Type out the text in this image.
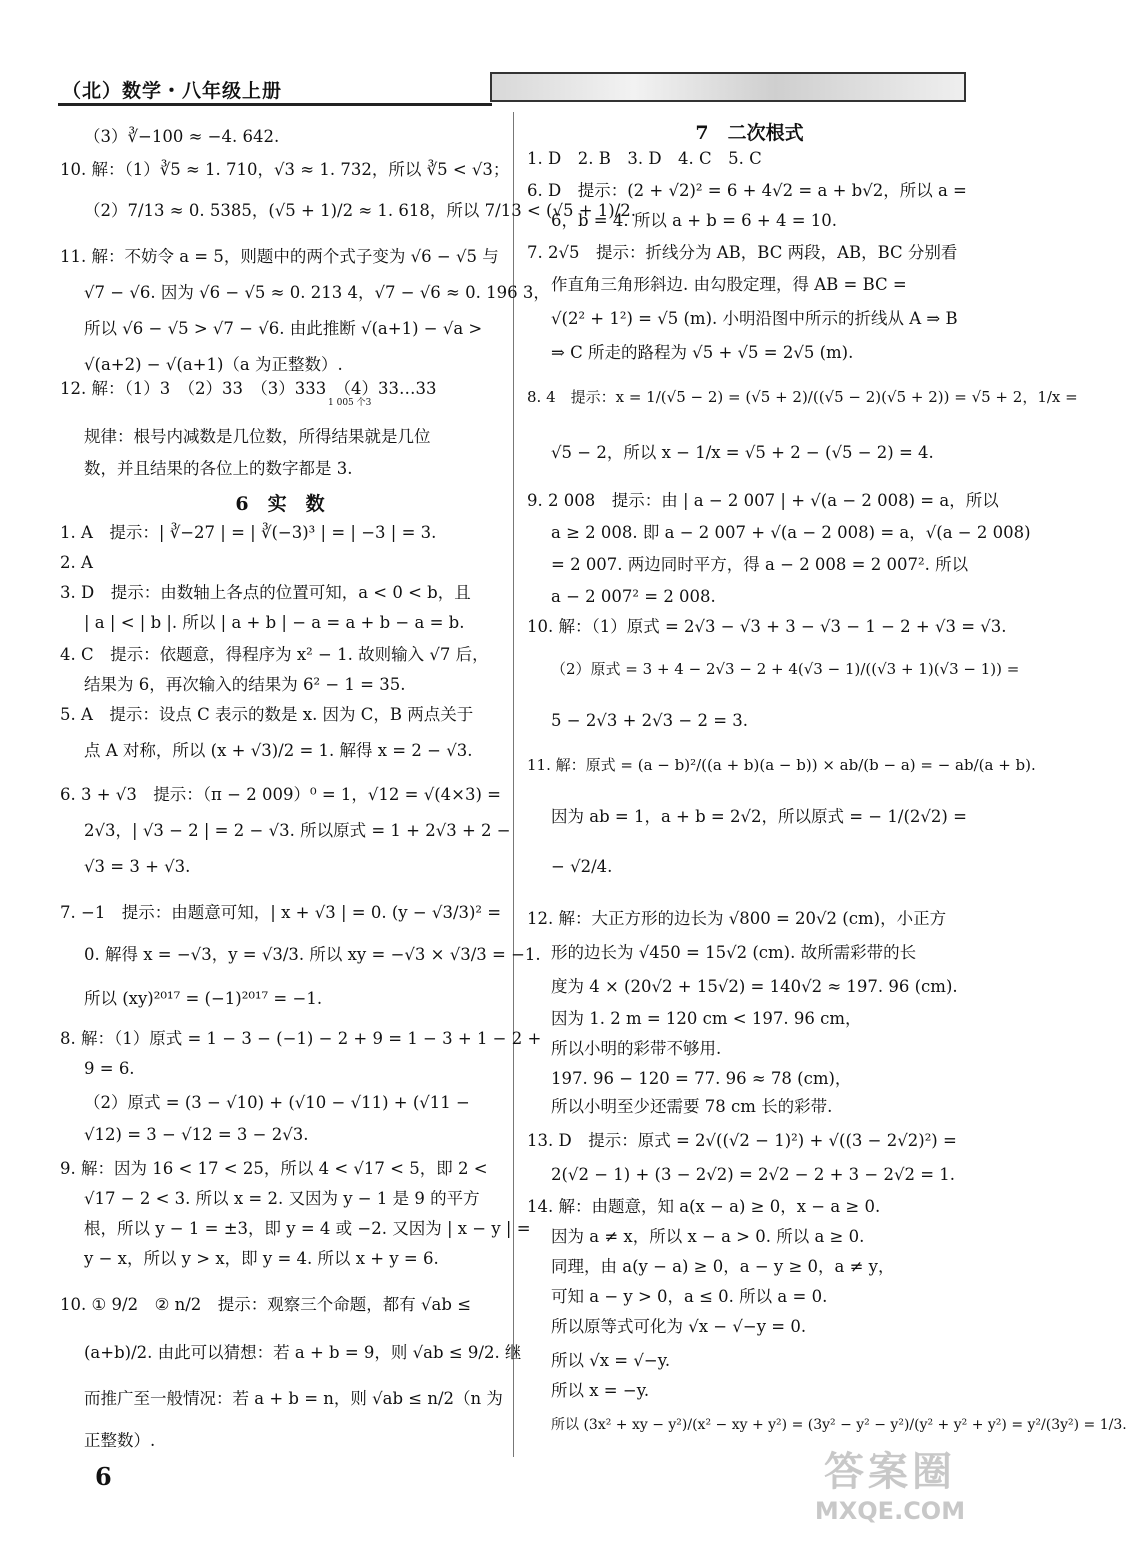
（北）数学・八年级上册
（3）∛−100 ≈ −4. 642.
10. 解：（1）∛5 ≈ 1. 710，√3 ≈ 1. 732，所以 ∛5 < √3；
（2）7/13 ≈ 0. 5385，(√5 + 1)/2 ≈ 1. 618，所以 7/13 < (√5 + 1)/2.
11. 解：不妨令 a = 5，则题中的两个式子变为 √6 − √5 与
√7 − √6. 因为 √6 − √5 ≈ 0. 213 4，√7 − √6 ≈ 0. 196 3，
所以 √6 − √5 > √7 − √6. 由此推断 √(a+1) − √a >
√(a+2) − √(a+1)（a 为正整数）.
12. 解：（1）3　（2）33　（3）333　（4）33…33
1 005 个3
规律：根号内减数是几位数，所得结果就是几位
数，并且结果的各位上的数字都是 3.
6　实　数
1. A　提示：| ∛−27 | = | ∛(−3)³ | = | −3 | = 3.
2. A
3. D　提示：由数轴上各点的位置可知，a < 0 < b，且
| a | < | b |. 所以 | a + b | − a = a + b − a = b.
4. C　提示：依题意，得程序为 x² − 1. 故则输入 √7 后，
结果为 6，再次输入的结果为 6² − 1 = 35.
5. A　提示：设点 C 表示的数是 x. 因为 C，B 两点关于
点 A 对称，所以 (x + √3)/2 = 1. 解得 x = 2 − √3.
6. 3 + √3　提示：（π − 2 009）⁰ = 1，√12 = √(4×3) =
2√3，| √3 − 2 | = 2 − √3. 所以原式 = 1 + 2√3 + 2 −
√3 = 3 + √3.
7. −1　提示：由题意可知，| x + √3 | = 0. (y − √3/3)² =
0. 解得 x = −√3，y = √3/3. 所以 xy = −√3 × √3/3 = −1.
所以 (xy)²⁰¹⁷ = (−1)²⁰¹⁷ = −1.
8. 解：（1）原式 = 1 − 3 − (−1) − 2 + 9 = 1 − 3 + 1 − 2 +
9 = 6.
（2）原式 = (3 − √10) + (√10 − √11) + (√11 −
√12) = 3 − √12 = 3 − 2√3.
9. 解：因为 16 < 17 < 25，所以 4 < √17 < 5，即 2 <
√17 − 2 < 3. 所以 x = 2. 又因为 y − 1 是 9 的平方
根，所以 y − 1 = ±3，即 y = 4 或 −2. 又因为 | x − y | =
y − x，所以 y > x，即 y = 4. 所以 x + y = 6.
10. ① 9/2　② n/2　提示：观察三个命题，都有 √ab ≤
(a+b)/2. 由此可以猜想：若 a + b = 9，则 √ab ≤ 9/2. 继
而推广至一般情况：若 a + b = n，则 √ab ≤ n/2（n 为
正整数）.
7　二次根式
1. D　2. B　3. D　4. C　5. C
6. D　提示：(2 + √2)² = 6 + 4√2 = a + b√2，所以 a =
6，b = 4. 所以 a + b = 6 + 4 = 10.
7. 2√5　提示：折线分为 AB，BC 两段，AB，BC 分别看
作直角三角形斜边. 由勾股定理，得 AB = BC =
√(2² + 1²) = √5 (m). 小明沿图中所示的折线从 A ⇒ B
⇒ C 所走的路程为 √5 + √5 = 2√5 (m).
8. 4　提示：x = 1/(√5 − 2) = (√5 + 2)/((√5 − 2)(√5 + 2)) = √5 + 2，1/x =
√5 − 2，所以 x − 1/x = √5 + 2 − (√5 − 2) = 4.
9. 2 008　提示：由 | a − 2 007 | + √(a − 2 008) = a，所以
a ≥ 2 008. 即 a − 2 007 + √(a − 2 008) = a，√(a − 2 008)
= 2 007. 两边同时平方，得 a − 2 008 = 2 007². 所以
a − 2 007² = 2 008.
10. 解：（1）原式 = 2√3 − √3 + 3 − √3 − 1 − 2 + √3 = √3.
（2）原式 = 3 + 4 − 2√3 − 2 + 4(√3 − 1)/((√3 + 1)(√3 − 1)) =
5 − 2√3 + 2√3 − 2 = 3.
11. 解：原式 = (a − b)²/((a + b)(a − b)) × ab/(b − a) = − ab/(a + b).
因为 ab = 1，a + b = 2√2，所以原式 = − 1/(2√2) =
− √2/4.
12. 解：大正方形的边长为 √800 = 20√2 (cm)，小正方
形的边长为 √450 = 15√2 (cm). 故所需彩带的长
度为 4 × (20√2 + 15√2) = 140√2 ≈ 197. 96 (cm).
因为 1. 2 m = 120 cm < 197. 96 cm，
所以小明的彩带不够用.
197. 96 − 120 = 77. 96 ≈ 78 (cm)，
所以小明至少还需要 78 cm 长的彩带.
13. D　提示：原式 = 2√((√2 − 1)²) + √((3 − 2√2)²) =
2(√2 − 1) + (3 − 2√2) = 2√2 − 2 + 3 − 2√2 = 1.
14. 解：由题意，知 a(x − a) ≥ 0，x − a ≥ 0.
因为 a ≠ x，所以 x − a > 0. 所以 a ≥ 0.
同理，由 a(y − a) ≥ 0，a − y ≥ 0，a ≠ y，
可知 a − y > 0，a ≤ 0. 所以 a = 0.
所以原等式可化为 √x − √−y = 0.
所以 √x = √−y.
所以 x = −y.
所以 (3x² + xy − y²)/(x² − xy + y²) = (3y² − y² − y²)/(y² + y² + y²) = y²/(3y²) = 1/3.
6	答案圈
MXQE.COM
